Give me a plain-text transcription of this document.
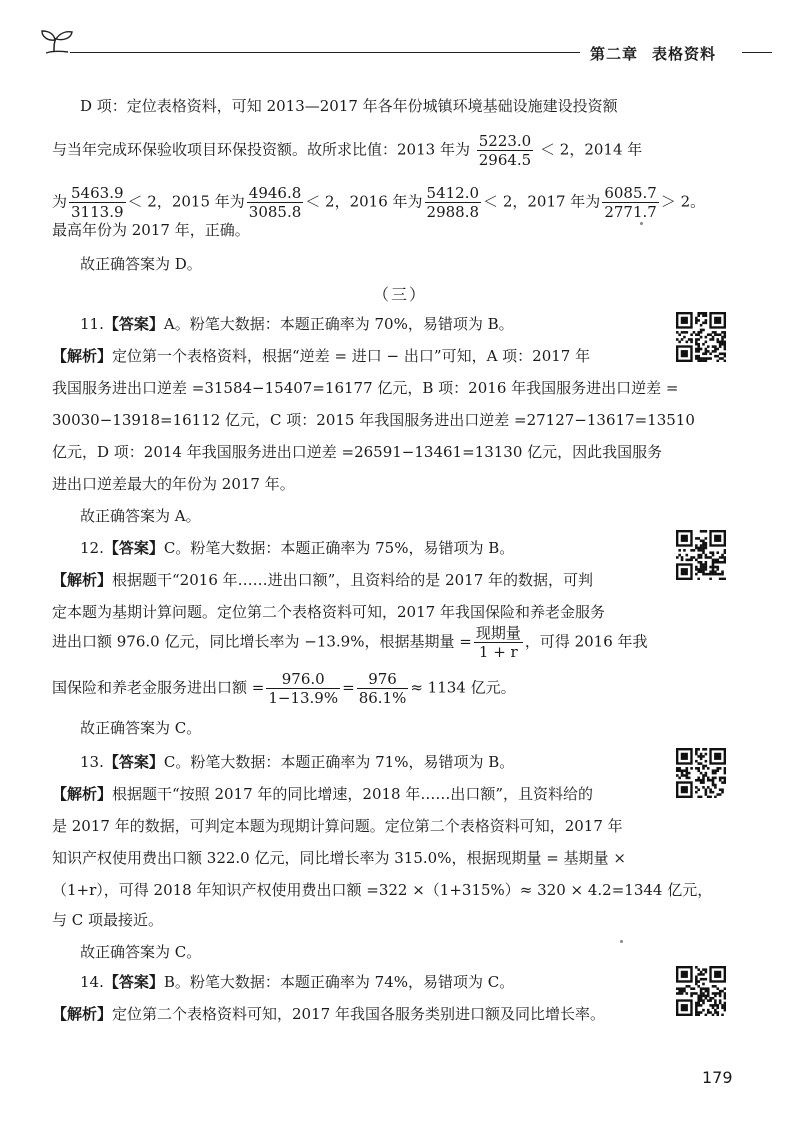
第二章 表格资料
D 项：定位表格资料，可知 2013—2017 年各年份城镇环境基础设施建设投资额
与当年完成环保验收项目环保投资额。故所求比值：2013 年为 $\frac{5223.0}{2964.5} < 2$，2014 年
为 $\frac{5463.9}{3113.9} < 2$，2015 年为 $\frac{4946.8}{3085.8} < 2$，2016 年为 $\frac{5412.0}{2988.8} < 2$，2017 年为 $\frac{6085.7}{2771.7} > 2$。
最高年份为 2017 年，正确。
故正确答案为 D。
（三）
11.【答案】A。粉笔大数据：本题正确率为 70%，易错项为 B。
【解析】定位第一个表格资料，根据“逆差 = 进口 − 出口”可知，A 项：2017 年
我国服务进出口逆差 =31584−15407=16177 亿元，B 项：2016 年我国服务进出口逆差 =
30030−13918=16112 亿元，C 项：2015 年我国服务进出口逆差 =27127−13617=13510
亿元，D 项：2014 年我国服务进出口逆差 =26591−13461=13130 亿元，因此我国服务
进出口逆差最大的年份为 2017 年。
故正确答案为 A。
12.【答案】C。粉笔大数据：本题正确率为 75%，易错项为 B。
【解析】根据题干“2016 年……进出口额”，且资料给的是 2017 年的数据，可判
定本题为基期计算问题。定位第二个表格资料可知，2017 年我国保险和养老金服务
进出口额 976.0 亿元，同比增长率为 −13.9%，根据基期量 = $\frac{\text{现期量}}{1 + r}$ ，可得 2016 年我
国保险和养老金服务进出口额 = $\frac{976.0}{1-13.9\%} = \frac{976}{86.1\%} \approx 1134$ 亿元。
故正确答案为 C。
13.【答案】C。粉笔大数据：本题正确率为 71%，易错项为 B。
【解析】根据题干“按照 2017 年的同比增速，2018 年……出口额”，且资料给的
是 2017 年的数据，可判定本题为现期计算问题。定位第二个表格资料可知，2017 年
知识产权使用费出口额 322.0 亿元，同比增长率为 315.0%，根据现期量 = 基期量 ×
（1+r），可得 2018 年知识产权使用费出口额 =322 ×（1+315%）≈ 320 × 4.2=1344 亿元，
与 C 项最接近。
故正确答案为 C。
14.【答案】B。粉笔大数据：本题正确率为 74%，易错项为 C。
【解析】定位第二个表格资料可知，2017 年我国各服务类别进口额及同比增长率。
179
